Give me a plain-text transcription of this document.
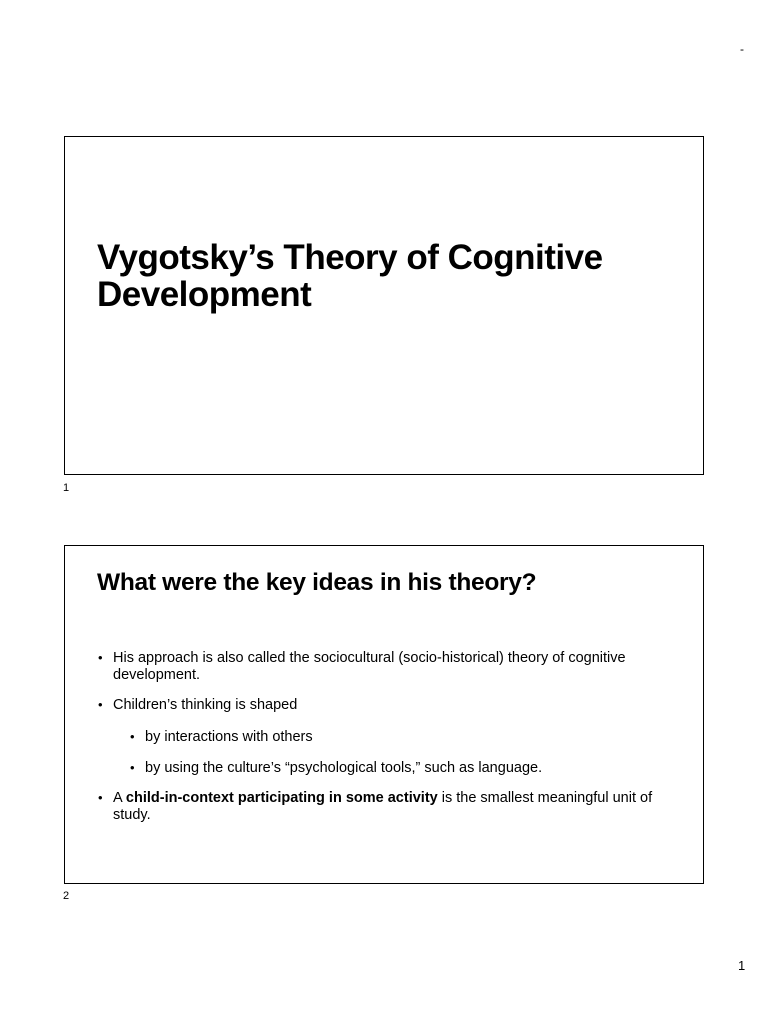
-
Vygotsky’s Theory of Cognitive Development
1
What were the key ideas in his theory?
• His approach is also called the sociocultural (socio-historical) theory of cognitive development.
• Children’s thinking is shaped
• by interactions with others
• by using the culture’s “psychological tools,” such as language.
• A child-in-context participating in some activity is the smallest meaningful unit of study.
2
1
